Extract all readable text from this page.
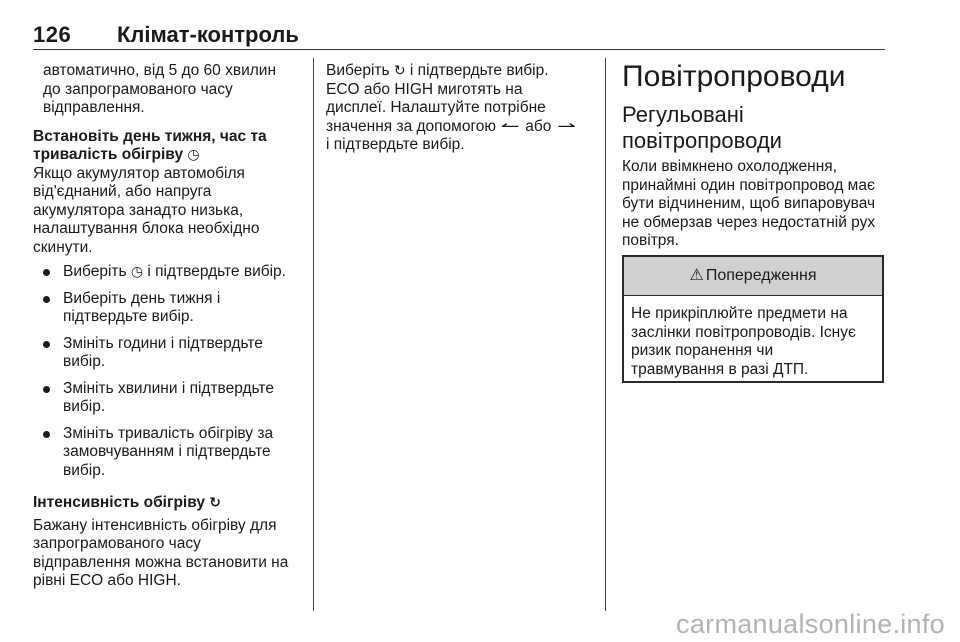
126 Клімат-контроль

автоматично, від 5 до 60 хвилин
до запрограмованого часу
відправлення.

Встановіть день тижня, час та
тривалість обігріву ◷

Якщо акумулятор автомобіля
від'єднаний, або напруга
акумулятора занадто низька,
налаштування блока необхідно
скинути.

Виберіть ◷ і підтвердьте вибір.
Виберіть день тижня і
підтвердьте вибір.
Змініть години і підтвердьте
вибір.
Змініть хвилини і підтвердьте
вибір.
Змініть тривалість обігріву за
замовчуванням і підтвердьте
вибір.

Інтенсивність обігріву ↻

Бажану інтенсивність обігріву для
запрограмованого часу
відправлення можна встановити на
рівні ECO або HIGH.

Виберіть ↻ і підтвердьте вибір.
ECO або HIGH миготять на
дисплеї. Налаштуйте потрібне
значення за допомогою ↼ або ⇀
і підтвердьте вибір.

Повітропроводи
Регульовані
повітропроводи

Коли ввімкнено охолодження,
принаймні один повітропровод має
бути відчиненим, щоб випаровувач
не обмерзав через недостатній рух
повітря.

⚠ Попередження
Не прикріплюйте предмети на
заслінки повітропроводів. Існує
ризик поранення чи
травмування в разі ДТП.
carmanualsonline.info
